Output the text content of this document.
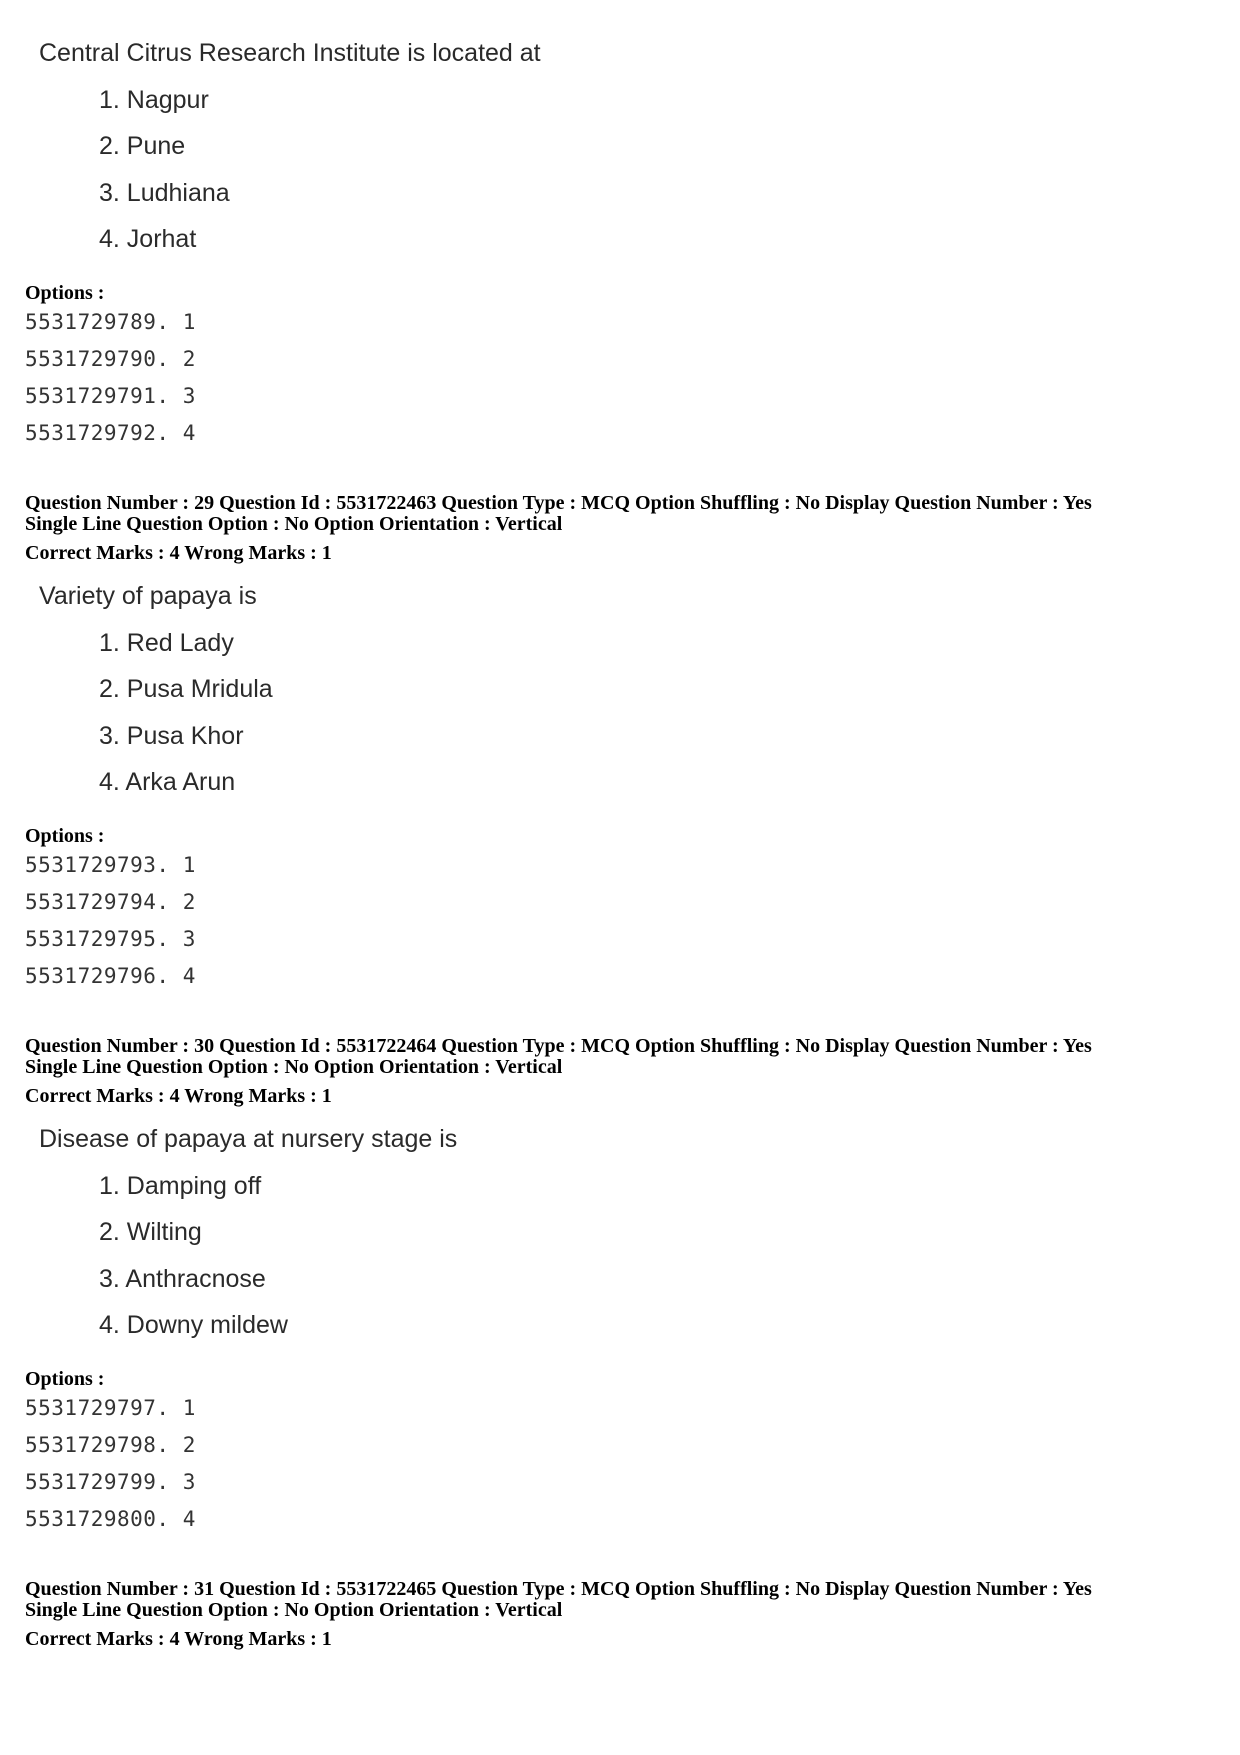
Central Citrus Research Institute is located at
1. Nagpur
2. Pune
3. Ludhiana
4. Jorhat
Options :
5531729789. 1
5531729790. 2
5531729791. 3
5531729792. 4
Question Number : 29 Question Id : 5531722463 Question Type : MCQ Option Shuffling : No Display Question Number : Yes
Single Line Question Option : No Option Orientation : Vertical
Correct Marks : 4 Wrong Marks : 1
Variety of papaya is
1. Red Lady
2. Pusa Mridula
3. Pusa Khor
4. Arka Arun
Options :
5531729793. 1
5531729794. 2
5531729795. 3
5531729796. 4
Question Number : 30 Question Id : 5531722464 Question Type : MCQ Option Shuffling : No Display Question Number : Yes
Single Line Question Option : No Option Orientation : Vertical
Correct Marks : 4 Wrong Marks : 1
Disease of papaya at nursery stage is
1. Damping off
2. Wilting
3. Anthracnose
4. Downy mildew
Options :
5531729797. 1
5531729798. 2
5531729799. 3
5531729800. 4
Question Number : 31 Question Id : 5531722465 Question Type : MCQ Option Shuffling : No Display Question Number : Yes
Single Line Question Option : No Option Orientation : Vertical
Correct Marks : 4 Wrong Marks : 1
